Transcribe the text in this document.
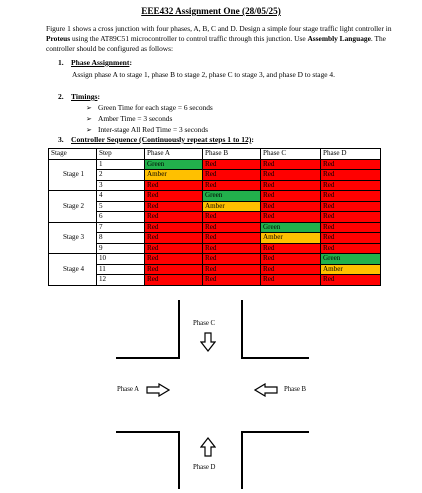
EEE432 Assignment One (28/05/25)
Figure 1 shows a cross junction with four phases, A, B, C and D. Design a simple four stage traffic light controller in Proteus using the AT89C51 microcontroller to control traffic through this junction. Use Assembly Language. The controller should be configured as follows:
1. Phase Assignment:
Assign phase A to stage 1, phase B to stage 2, phase C to stage 3, and phase D to stage 4.
2. Timings:
➢ Green Time for each stage = 6 seconds
➢ Amber Time = 3 seconds
➢ Inter-stage All Red Time = 3 seconds
3. Controller Sequence (Continuously repeat steps 1 to 12):
Stage	Step	Phase A	Phase B	Phase C	Phase D
Stage 1	1	Green	Red	Red	Red
	2	Amber	Red	Red	Red
	3	Red	Red	Red	Red
Stage 2	4	Red	Green	Red	Red
	5	Red	Amber	Red	Red
	6	Red	Red	Red	Red
Stage 3	7	Red	Red	Green	Red
	8	Red	Red	Amber	Red
	9	Red	Red	Red	Red
Stage 4	10	Red	Red	Red	Green
	11	Red	Red	Red	Amber
	12	Red	Red	Red	Red
Phase C
Phase A	Phase B
Phase D
